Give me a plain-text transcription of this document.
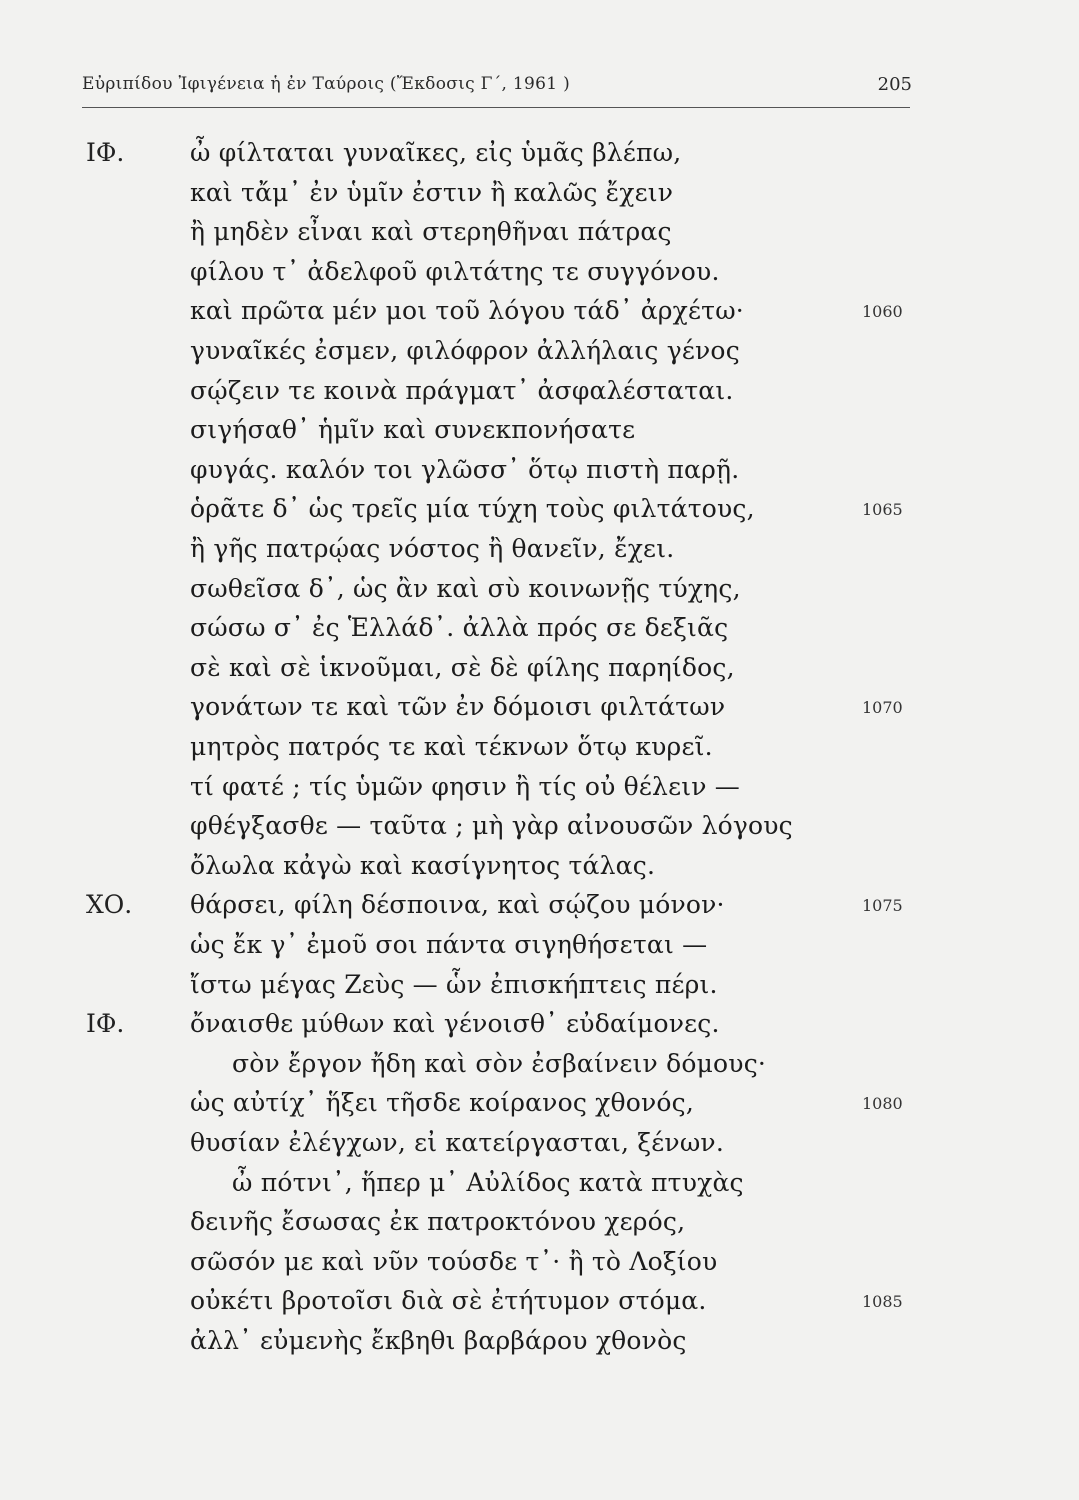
Εὐριπίδου Ἰφιγένεια ἡ ἐν Ταύροις (Ἔκδοσις Γ΄, 1961 )	205
ΙΦ.	ὦ φίλταται γυναῖκες, εἰς ὑμᾶς βλέπω,
καὶ τἄμ᾽ ἐν ὑμῖν ἐστιν ἢ καλῶς ἔχειν
ἢ μηδὲν εἶναι καὶ στερηθῆναι πάτρας
φίλου τ᾽ ἀδελφοῦ φιλτάτης τε συγγόνου.
καὶ πρῶτα μέν μοι τοῦ λόγου τάδ᾽ ἀρχέτω·	1060
γυναῖκές ἐσμεν, φιλόφρον ἀλλήλαις γένος
σῴζειν τε κοινὰ πράγματ᾽ ἀσφαλέσταται.
σιγήσαθ᾽ ἡμῖν καὶ συνεκπονήσατε
φυγάς. καλόν τοι γλῶσσ᾽ ὅτῳ πιστὴ παρῇ.
ὁρᾶτε δ᾽ ὡς τρεῖς μία τύχη τοὺς φιλτάτους,	1065
ἢ γῆς πατρῴας νόστος ἢ θανεῖν, ἔχει.
σωθεῖσα δ᾽, ὡς ἂν καὶ σὺ κοινωνῇς τύχης,
σώσω σ᾽ ἐς Ἑλλάδ᾽. ἀλλὰ πρός σε δεξιᾶς
σὲ καὶ σὲ ἱκνοῦμαι, σὲ δὲ φίλης παρηίδος,
γονάτων τε καὶ τῶν ἐν δόμοισι φιλτάτων	1070
μητρὸς πατρός τε καὶ τέκνων ὅτῳ κυρεῖ.
τί φατέ ; τίς ὑμῶν φησιν ἢ τίς οὐ θέλειν —
φθέγξασθε — ταῦτα ; μὴ γὰρ αἰνουσῶν λόγους
ὄλωλα κἀγὼ καὶ κασίγνητος τάλας.
ΧΟ. θάρσει, φίλη δέσποινα, καὶ σῴζου μόνον·	1075
ὡς ἔκ γ᾽ ἐμοῦ σοι πάντα σιγηθήσεται —
ἴστω μέγας Ζεὺς — ὧν ἐπισκήπτεις πέρι.
ΙΦ.	ὄναισθε μύθων καὶ γένοισθ᾽ εὐδαίμονες.
σὸν ἔργον ἤδη καὶ σὸν ἐσβαίνειν δόμους·
ὡς αὐτίχ᾽ ἥξει τῆσδε κοίρανος χθονός,	1080
θυσίαν ἐλέγχων, εἰ κατείργασται, ξένων.
ὦ πότνι᾽, ἥπερ μ᾽ Αὐλίδος κατὰ πτυχὰς
δεινῆς ἔσωσας ἐκ πατροκτόνου χερός,
σῶσόν με καὶ νῦν τούσδε τ᾽· ἢ τὸ Λοξίου
οὐκέτι βροτοῖσι διὰ σὲ ἐτήτυμον στόμα.	1085
ἀλλ᾽ εὐμενὴς ἔκβηθι βαρβάρου χθονὸς
